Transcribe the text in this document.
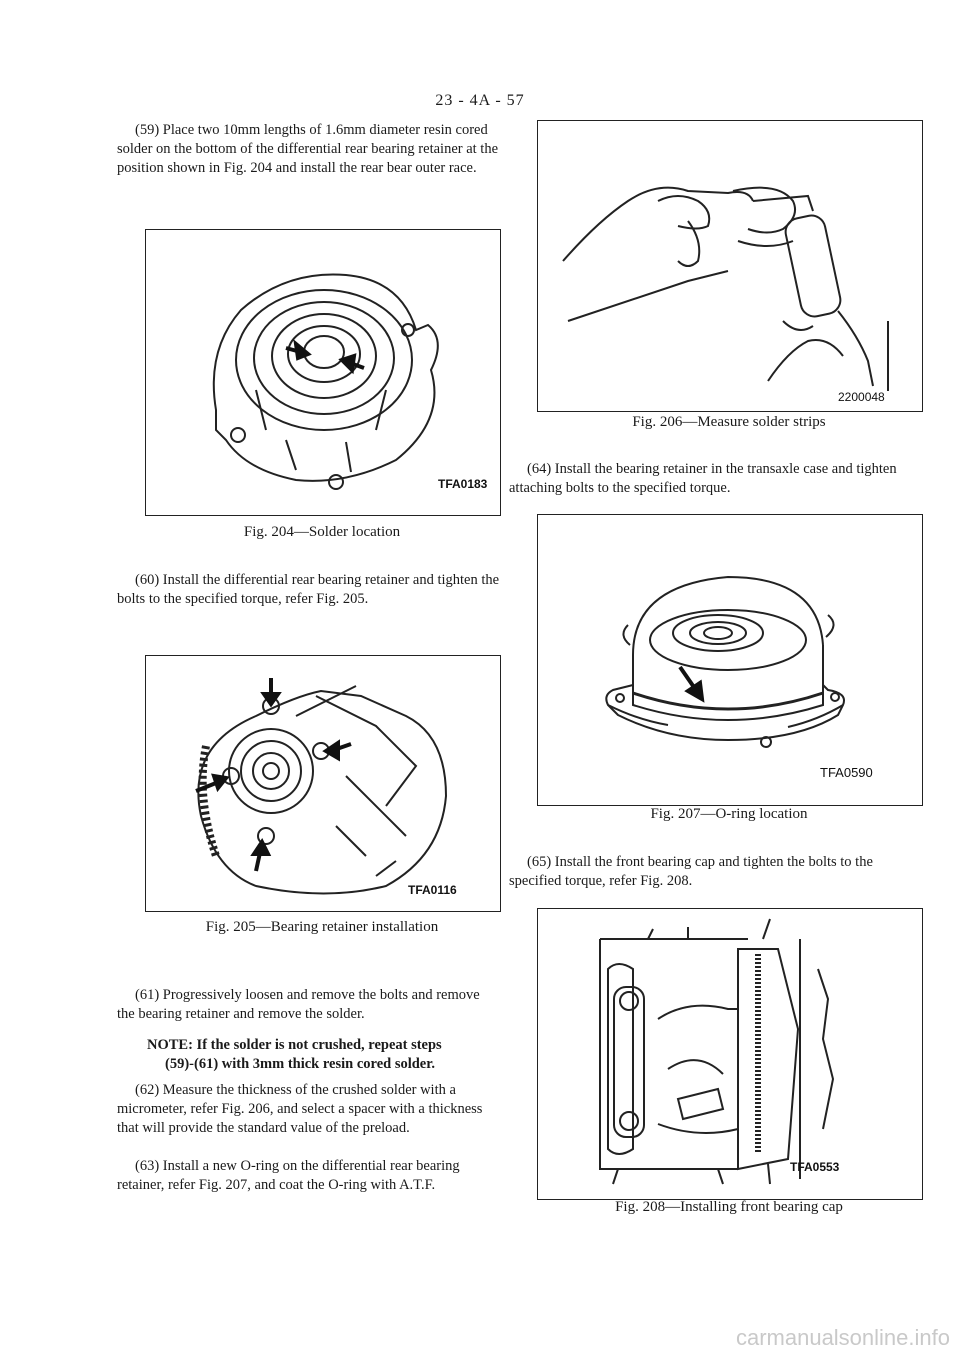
23 - 4A - 57

(59) Place two 10mm lengths of 1.6mm diameter resin cored solder on the bottom of the differential rear bearing retainer at the position shown in Fig. 204 and install the rear bear outer race.

TFA0183
Fig. 204—Solder location

(60) Install the differential rear bearing retainer and tighten the bolts to the specified torque, refer Fig. 205.

TFA0116
Fig. 205—Bearing retainer installation

(61) Progressively loosen and remove the bolts and remove the bearing retainer and remove the solder.

NOTE: If the solder is not crushed, repeat steps
(59)-(61) with 3mm thick resin cored solder.

(62) Measure the thickness of the crushed solder with a micrometer, refer Fig. 206, and select a spacer with a thickness that will provide the standard value of the preload.

(63) Install a new O-ring on the differential rear bearing retainer, refer Fig. 207, and coat the O-ring with A.T.F.

2200048
Fig. 206—Measure solder strips

(64) Install the bearing retainer in the transaxle case and tighten attaching bolts to the specified torque.

TFA0590
Fig. 207—O-ring location

(65) Install the front bearing cap and tighten the bolts to the specified torque, refer Fig. 208.

TFA0553
Fig. 208—Installing front bearing cap
carmanualsonline.info
